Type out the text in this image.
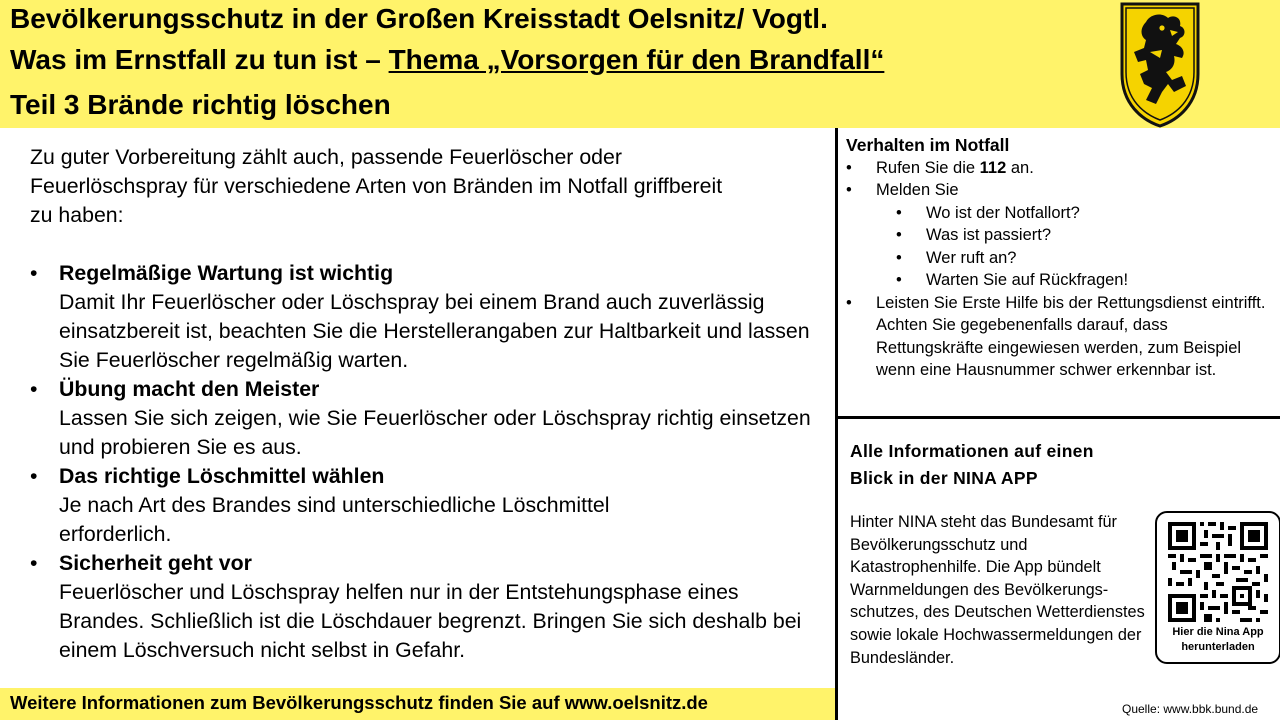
Bevölkerungsschutz in der Großen Kreisstadt Oelsnitz/ Vogtl.
Was im Ernstfall zu tun ist – Thema „Vorsorgen für den Brandfall“
Teil 3 Brände richtig löschen

Zu guter Vorbereitung zählt auch, passende Feuerlöscher oder Feuerlöschspray für verschiedene Arten von Bränden im Notfall griffbereit zu haben:

• Regelmäßige Wartung ist wichtig
Damit Ihr Feuerlöscher oder Löschspray bei einem Brand auch zuverlässig einsatzbereit ist, beachten Sie die Herstellerangaben zur Haltbarkeit und lassen Sie Feuerlöscher regelmäßig warten.
• Übung macht den Meister
Lassen Sie sich zeigen, wie Sie Feuerlöscher oder Löschspray richtig einsetzen und probieren Sie es aus.
• Das richtige Löschmittel wählen
Je nach Art des Brandes sind unterschiedliche Löschmittel erforderlich.
• Sicherheit geht vor
Feuerlöscher und Löschspray helfen nur in der Entstehungsphase eines Brandes. Schließlich ist die Löschdauer begrenzt. Bringen Sie sich deshalb bei einem Löschversuch nicht selbst in Gefahr.
Weitere Informationen zum Bevölkerungsschutz finden Sie auf www.oelsnitz.de
Verhalten im Notfall
• Rufen Sie die 112 an.
• Melden Sie
• Wo ist der Notfallort?
• Was ist passiert?
• Wer ruft an?
• Warten Sie auf Rückfragen!
• Leisten Sie Erste Hilfe bis der Rettungsdienst eintrifft. Achten Sie gegebenenfalls darauf, dass Rettungskräfte eingewiesen werden, zum Beispiel wenn eine Hausnummer schwer erkennbar ist.
Alle Informationen auf einen
Blick in der NINA APP
Hinter NINA steht das Bundesamt für Bevölkerungsschutz und Katastrophenhilfe. Die App bündelt Warnmeldungen des Bevölkerungs-schutzes, des Deutschen Wetterdienstes sowie lokale Hochwassermeldungen der Bundesländer.
Hier die Nina App
herunterladen
Quelle: www.bbk.bund.de
